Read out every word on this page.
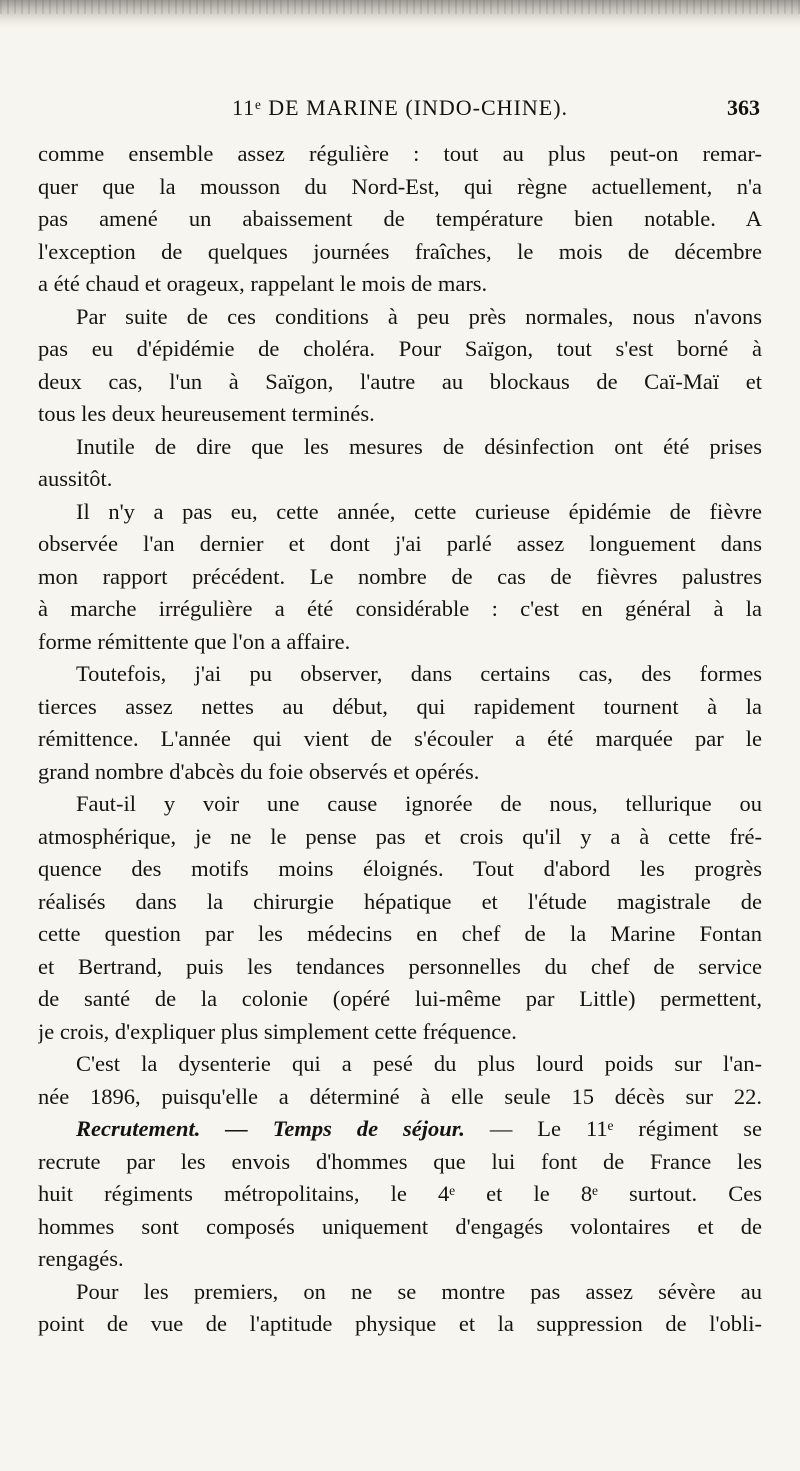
11ᵉ DE MARINE (INDO-CHINE).	363
comme ensemble assez régulière : tout au plus peut-on remar-
quer que la mousson du Nord-Est, qui règne actuellement, n'a
pas amené un abaissement de température bien notable. A
l'exception de quelques journées fraîches, le mois de décembre
a été chaud et orageux, rappelant le mois de mars.
Par suite de ces conditions à peu près normales, nous n'avons
pas eu d'épidémie de choléra. Pour Saïgon, tout s'est borné à
deux cas, l'un à Saïgon, l'autre au blockaus de Caï-Maï et
tous les deux heureusement terminés.
Inutile de dire que les mesures de désinfection ont été prises
aussitôt.
Il n'y a pas eu, cette année, cette curieuse épidémie de fièvre
observée l'an dernier et dont j'ai parlé assez longuement dans
mon rapport précédent. Le nombre de cas de fièvres palustres
à marche irrégulière a été considérable : c'est en général à la
forme rémittente que l'on a affaire.
Toutefois, j'ai pu observer, dans certains cas, des formes
tierces assez nettes au début, qui rapidement tournent à la
rémittence. L'année qui vient de s'écouler a été marquée par le
grand nombre d'abcès du foie observés et opérés.
Faut-il y voir une cause ignorée de nous, tellurique ou
atmosphérique, je ne le pense pas et crois qu'il y a à cette fré-
quence des motifs moins éloignés. Tout d'abord les progrès
réalisés dans la chirurgie hépatique et l'étude magistrale de
cette question par les médecins en chef de la Marine Fontan
et Bertrand, puis les tendances personnelles du chef de service
de santé de la colonie (opéré lui-même par Little) permettent,
je crois, d'expliquer plus simplement cette fréquence.
C'est la dysenterie qui a pesé du plus lourd poids sur l'an-
née 1896, puisqu'elle a déterminé à elle seule 15 décès sur 22.
Recrutement. — Temps de séjour. — Le 11ᵉ régiment se
recrute par les envois d'hommes que lui font de France les
huit régiments métropolitains, le 4ᵉ et le 8ᵉ surtout. Ces
hommes sont composés uniquement d'engagés volontaires et de
rengagés.
Pour les premiers, on ne se montre pas assez sévère au
point de vue de l'aptitude physique et la suppression de l'obli-
